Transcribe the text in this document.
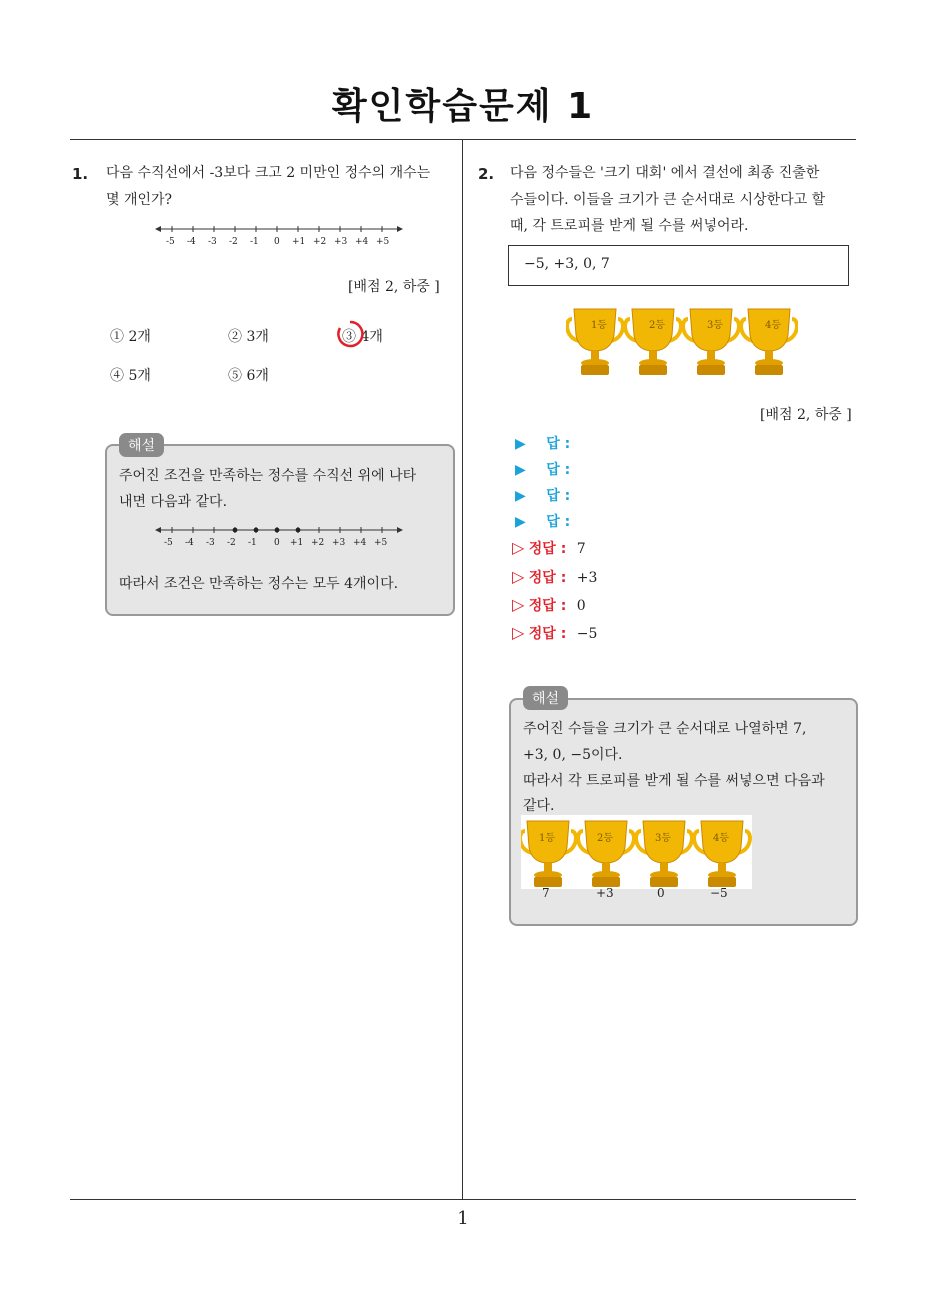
확인학습문제 1
1. 다음 수직선에서 -3보다 크고 2 미만인 정수의 개수는
몇 개인가?
-5 -4 -3 -2 -1 0 +1 +2 +3 +4 +5
[배점 2, 하중 ]
① 2개	② 3개	③ 4개
④ 5개	⑤ 6개
해설
주어진 조건을 만족하는 정수를 수직선 위에 나타
내면 다음과 같다.
-5 -4 -3 -2 -1 0 +1 +2 +3 +4 +5
따라서 조건은 만족하는 정수는 모두 4개이다.
2. 다음 정수들은 '크기 대회' 에서 결선에 최종 진출한
수들이다. 이들을 크기가 큰 순서대로 시상한다고 할
때, 각 트로피를 받게 될 수를 써넣어라.
−5, +3, 0, 7
1등	2등	3등	4등
[배점 2, 하중 ]
▶ 답 :
▶ 답 :
▶ 답 :
▶ 답 :
▷ 정답 : 7
▷ 정답 : +3
▷ 정답 : 0
▷ 정답 : −5
해설
주어진 수들을 크기가 큰 순서대로 나열하면 7,
+3, 0, −5이다.
따라서 각 트로피를 받게 될 수를 써넣으면 다음과
같다.
1등	2등	3등	4등
7	+3	0	−5
1
